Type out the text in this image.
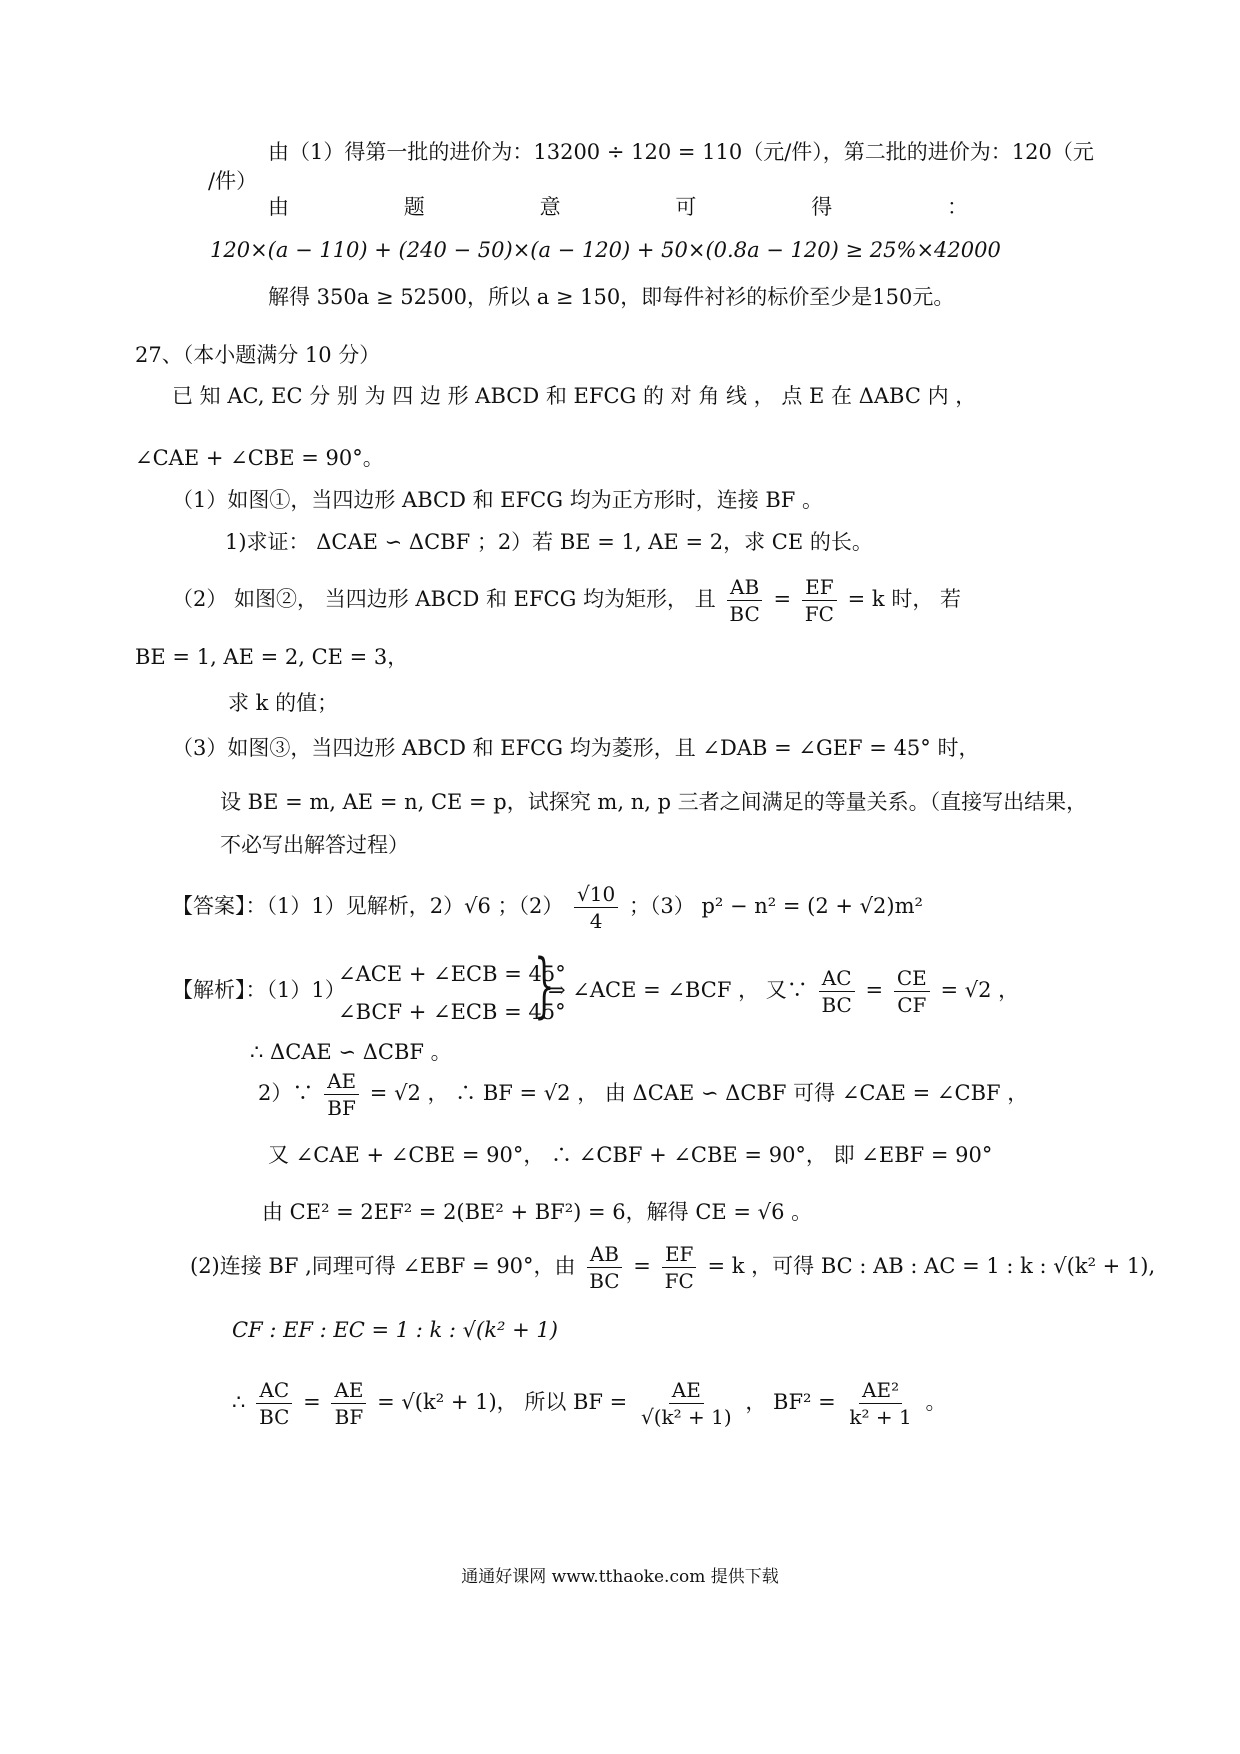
由（1）得第一批的进价为：13200 ÷ 120 = 110（元/件），第二批的进价为：120（元
/件）
由	题	意	可	得	：
120×(a − 110) + (240 − 50)×(a − 120) + 50×(0.8a − 120) ≥ 25%×42000
解得 350a ≥ 52500，所以 a ≥ 150，即每件衬衫的标价至少是150元。
27、（本小题满分 10 分）
已 知 AC, EC 分 别 为 四 边 形 ABCD 和 EFCG 的 对 角 线 ， 点 E 在 ΔABC 内 ，
∠CAE + ∠CBE = 90°。
（1）如图①，当四边形 ABCD 和 EFCG 均为正方形时，连接 BF 。
1)求证： ΔCAE ∽ ΔCBF ；2）若 BE = 1, AE = 2，求 CE 的长。
（2） 如图②， 当四边形 ABCD 和 EFCG 均为矩形， 且 $\frac{AB}{BC} = \frac{EF}{FC} = k$ 时， 若
BE = 1, AE = 2, CE = 3，
求 k 的值；
（3）如图③，当四边形 ABCD 和 EFCG 均为菱形，且 ∠DAB = ∠GEF = 45° 时，
设 BE = m, AE = n, CE = p，试探究 m, n, p 三者之间满足的等量关系。（直接写出结果，
不必写出解答过程）
【答案】：（1）1）见解析，2）√6 ；$(2) \frac{√10}{4}$ ；（3） p² − n² = (2 + √2)m²
【解析】：（1）1）
∠ACE + ∠ECB = 45°
∠BCF + ∠ECB = 45°
}
⇒ ∠ACE = ∠BCF ， 又∵ $\frac{AC}{BC} = \frac{CE}{CF} = √2$ ，
∴ ΔCAE ∽ ΔCBF 。
2）∵ $\frac{AE}{BF} = √2$ ， ∴ BF = √2 ， 由 ΔCAE ∽ ΔCBF 可得 ∠CAE = ∠CBF ，
又 ∠CAE + ∠CBE = 90°， ∴ ∠CBF + ∠CBE = 90°， 即 ∠EBF = 90°
由 CE² = 2EF² = 2(BE² + BF²) = 6，解得 CE = √6 。
(2)连接 BF ,同理可得 ∠EBF = 90°，由 $\frac{AB}{BC} = \frac{EF}{FC} = k$ ，可得 BC : AB : AC = 1 : k : √(k² + 1),
CF : EF : EC = 1 : k : √(k² + 1)
∴ $\frac{AC}{BC} = \frac{AE}{BF} = √(k^2 + 1)$， 所以 BF = $\frac{AE}{\text{√(k² + 1)}}$ ， $BF^2 = \frac{\text{AE²}}{\text{k² + 1}}$ 。
通通好课网 www.tthaoke.com 提供下载
